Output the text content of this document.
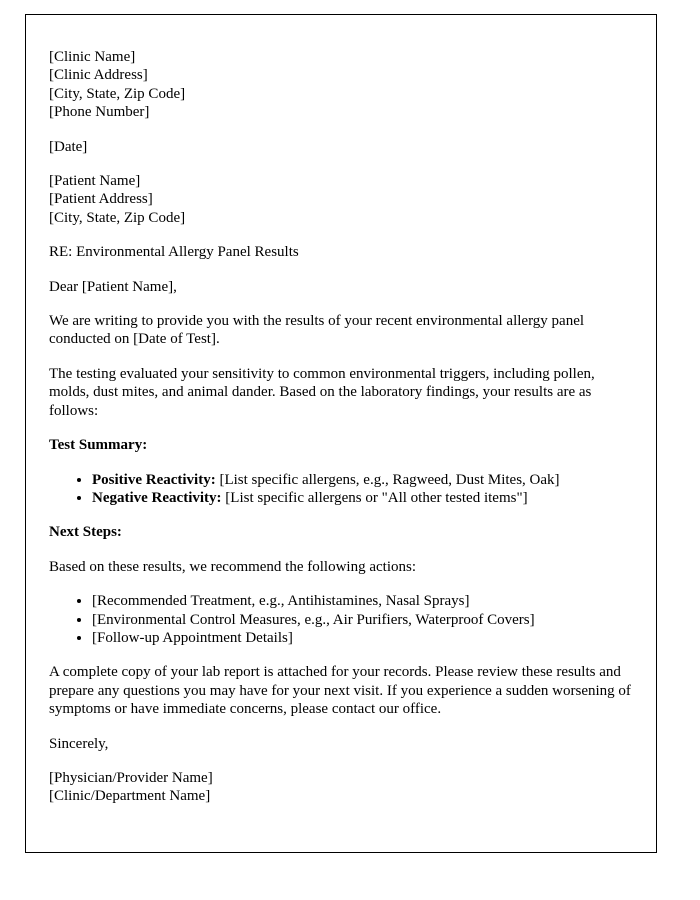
[Clinic Name]

[Clinic Address]

[City, State, Zip Code]

[Phone Number]

[Date]

[Patient Name]

[Patient Address]

[City, State, Zip Code]

RE: Environmental Allergy Panel Results

Dear [Patient Name],

We are writing to provide you with the results of your recent environmental allergy panel conducted on [Date of Test].

The testing evaluated your sensitivity to common environmental triggers, including pollen, molds, dust mites, and animal dander. Based on the laboratory findings, your results are as follows:

Test Summary:

• Positive Reactivity: [List specific allergens, e.g., Ragweed, Dust Mites, Oak]
• Negative Reactivity: [List specific allergens or "All other tested items"]

Next Steps:

Based on these results, we recommend the following actions:

• [Recommended Treatment, e.g., Antihistamines, Nasal Sprays]
• [Environmental Control Measures, e.g., Air Purifiers, Waterproof Covers]
• [Follow-up Appointment Details]

A complete copy of your lab report is attached for your records. Please review these results and prepare any questions you may have for your next visit. If you experience a sudden worsening of symptoms or have immediate concerns, please contact our office.

Sincerely,

[Physician/Provider Name]

[Clinic/Department Name]
